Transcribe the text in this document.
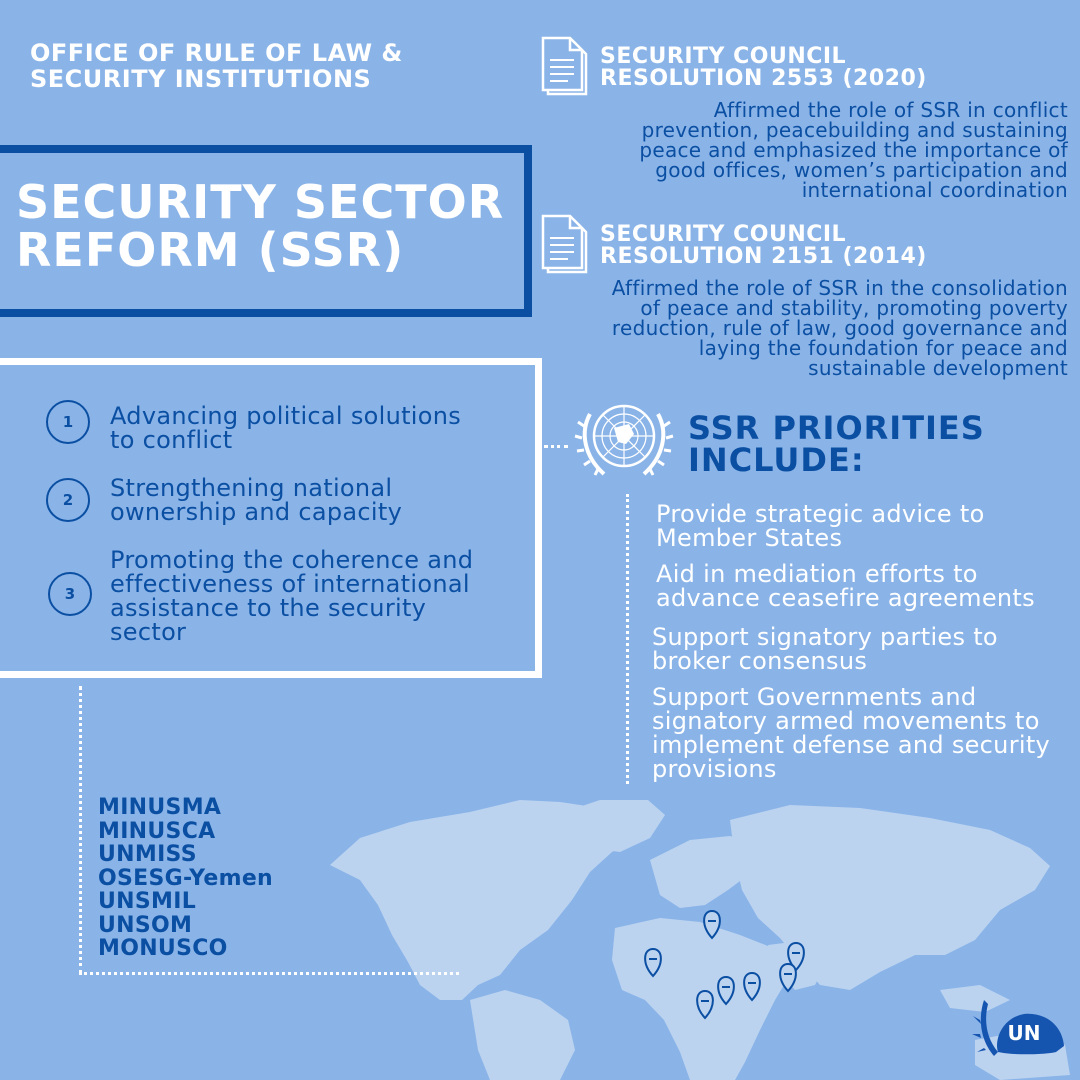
OFFICE OF RULE OF LAW &
SECURITY INSTITUTIONS
SECURITY SECTOR
REFORM (SSR)
SECURITY COUNCIL
RESOLUTION 2553 (2020)
Affirmed the role of SSR in conflict
prevention, peacebuilding and sustaining
peace and emphasized the importance of
good offices, women’s participation and
international coordination
SECURITY COUNCIL
RESOLUTION 2151 (2014)
Affirmed the role of SSR in the consolidation
of peace and stability, promoting poverty
reduction, rule of law, good governance and
laying the foundation for peace and
sustainable development
1	Advancing political solutions
to conflict
2	Strengthening national
ownership and capacity
3
Promoting the coherence and
effectiveness of international
assistance to the security
sector
SSR PRIORITIES
INCLUDE:
Provide strategic advice to
Member States
Aid in mediation efforts to
advance ceasefire agreements
Support signatory parties to
broker consensus
Support Governments and
signatory armed movements to
implement defense and security
provisions
MINUSMA
MINUSCA
UNMISS
OSESG-Yemen
UNSMIL
UNSOM
MONUSCO
UN
